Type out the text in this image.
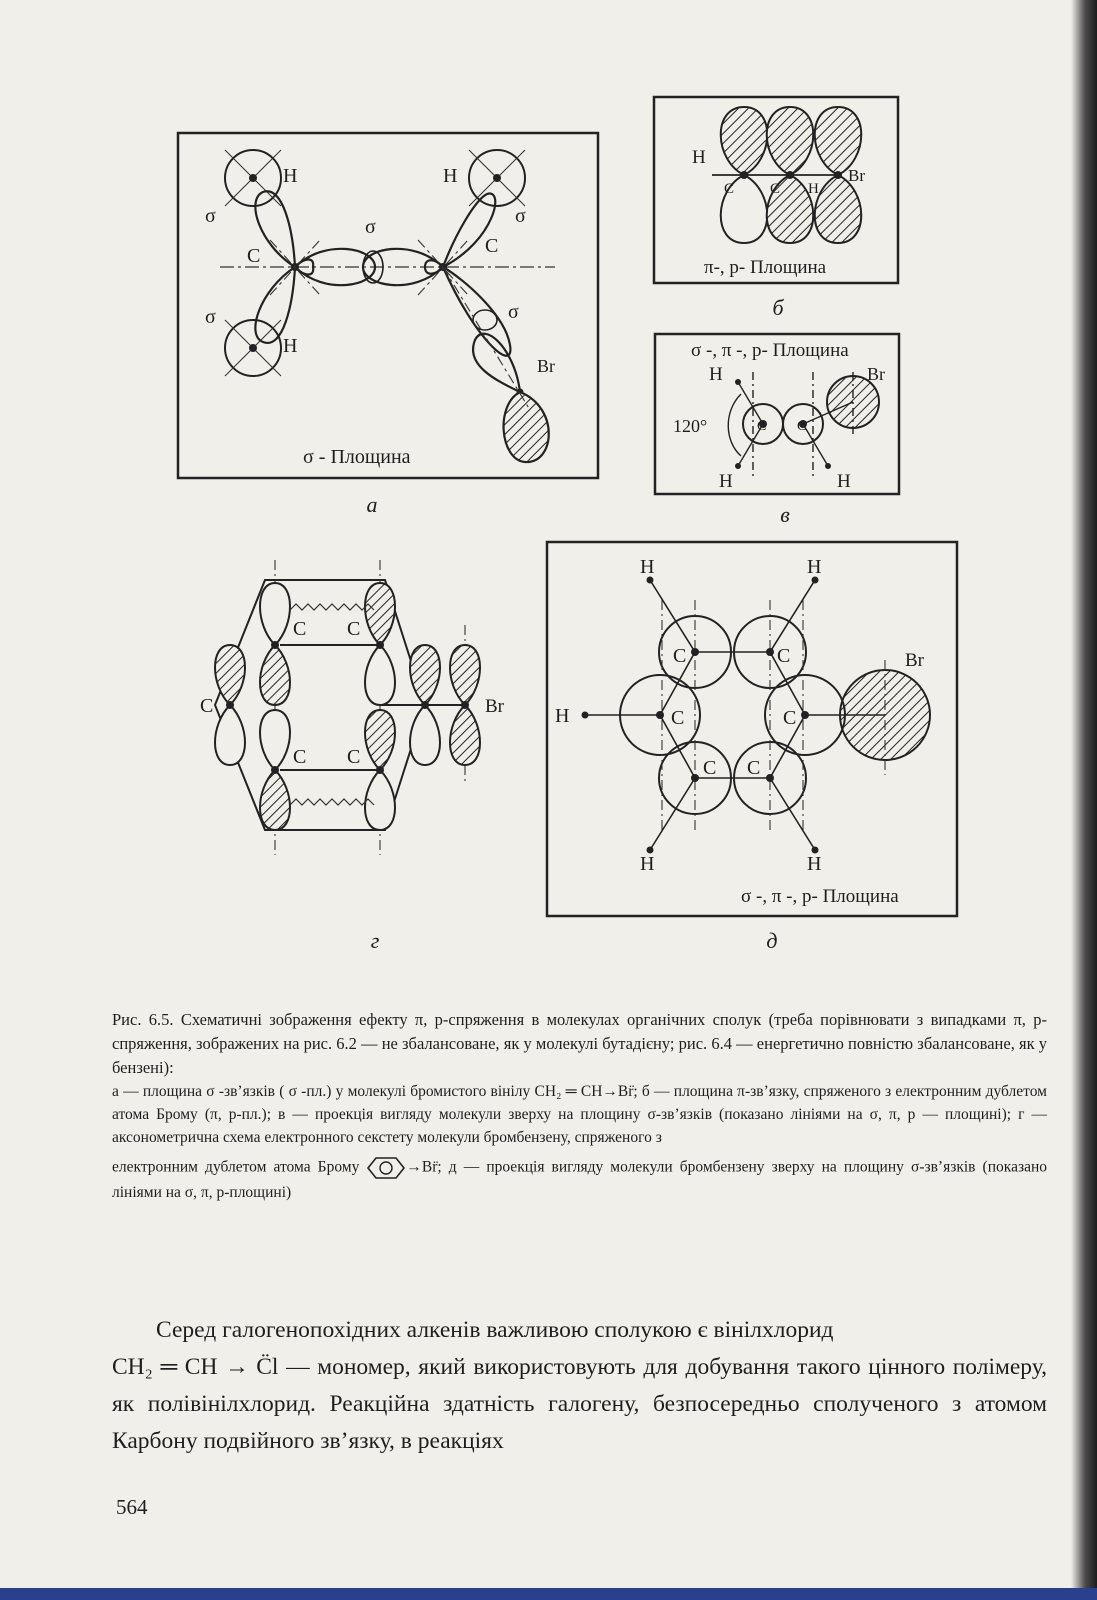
H
H
H
C	C
Br
σ
σ
σ	σ
σ
σ - Площина
а
H
C C H
Br
π-, р- Площина
б
σ -, π -, р- Площина
H	Br
120°	C C
H	H
в
C C
C
C C
Br
г
H	H
H
H	H
Br
C	C
C	C
C C
σ -, π -, р- Площина
д

Рис. 6.5. Схематичні зображення ефекту π, р-спряження в молекулах органічних сполук (треба порівнювати з випадками π, р-спряження, зображених на рис. 6.2 — не збалансоване, як у молекулі бутадієну; рис. 6.4 — енергетично повністю збалансоване, як у бензені):

а — площина σ -зв’язків ( σ -пл.) у молекулі бромистого вінілу CH₂ ═ CH→Br̈; б — площина π-зв’язку, спряженого з електронним дублетом атома Брому (π, р-пл.); в — проекція вигляду молекули зверху на площину σ-зв’язків (показано лініями на σ, π, р — площині); г — аксонометрична схема електронного секстету молекули бромбензену, спряженого з

електронним дублетом атома Брому	→Br̈; д — проекція вигляду молекули бромбензену зверху на площину σ-зв’язків (показано лініями на σ, π, р-площині)

Серед галогенопохідних алкенів важливою сполукою є вінілхлорид

CH₂ ═ CH → C̈l — мономер, який використовують для добування такого цінного полімеру, як полівінілхлорид. Реакційна здатність галогену, безпосередньо сполученого з атомом Карбону подвійного зв’язку, в реакціях

564
